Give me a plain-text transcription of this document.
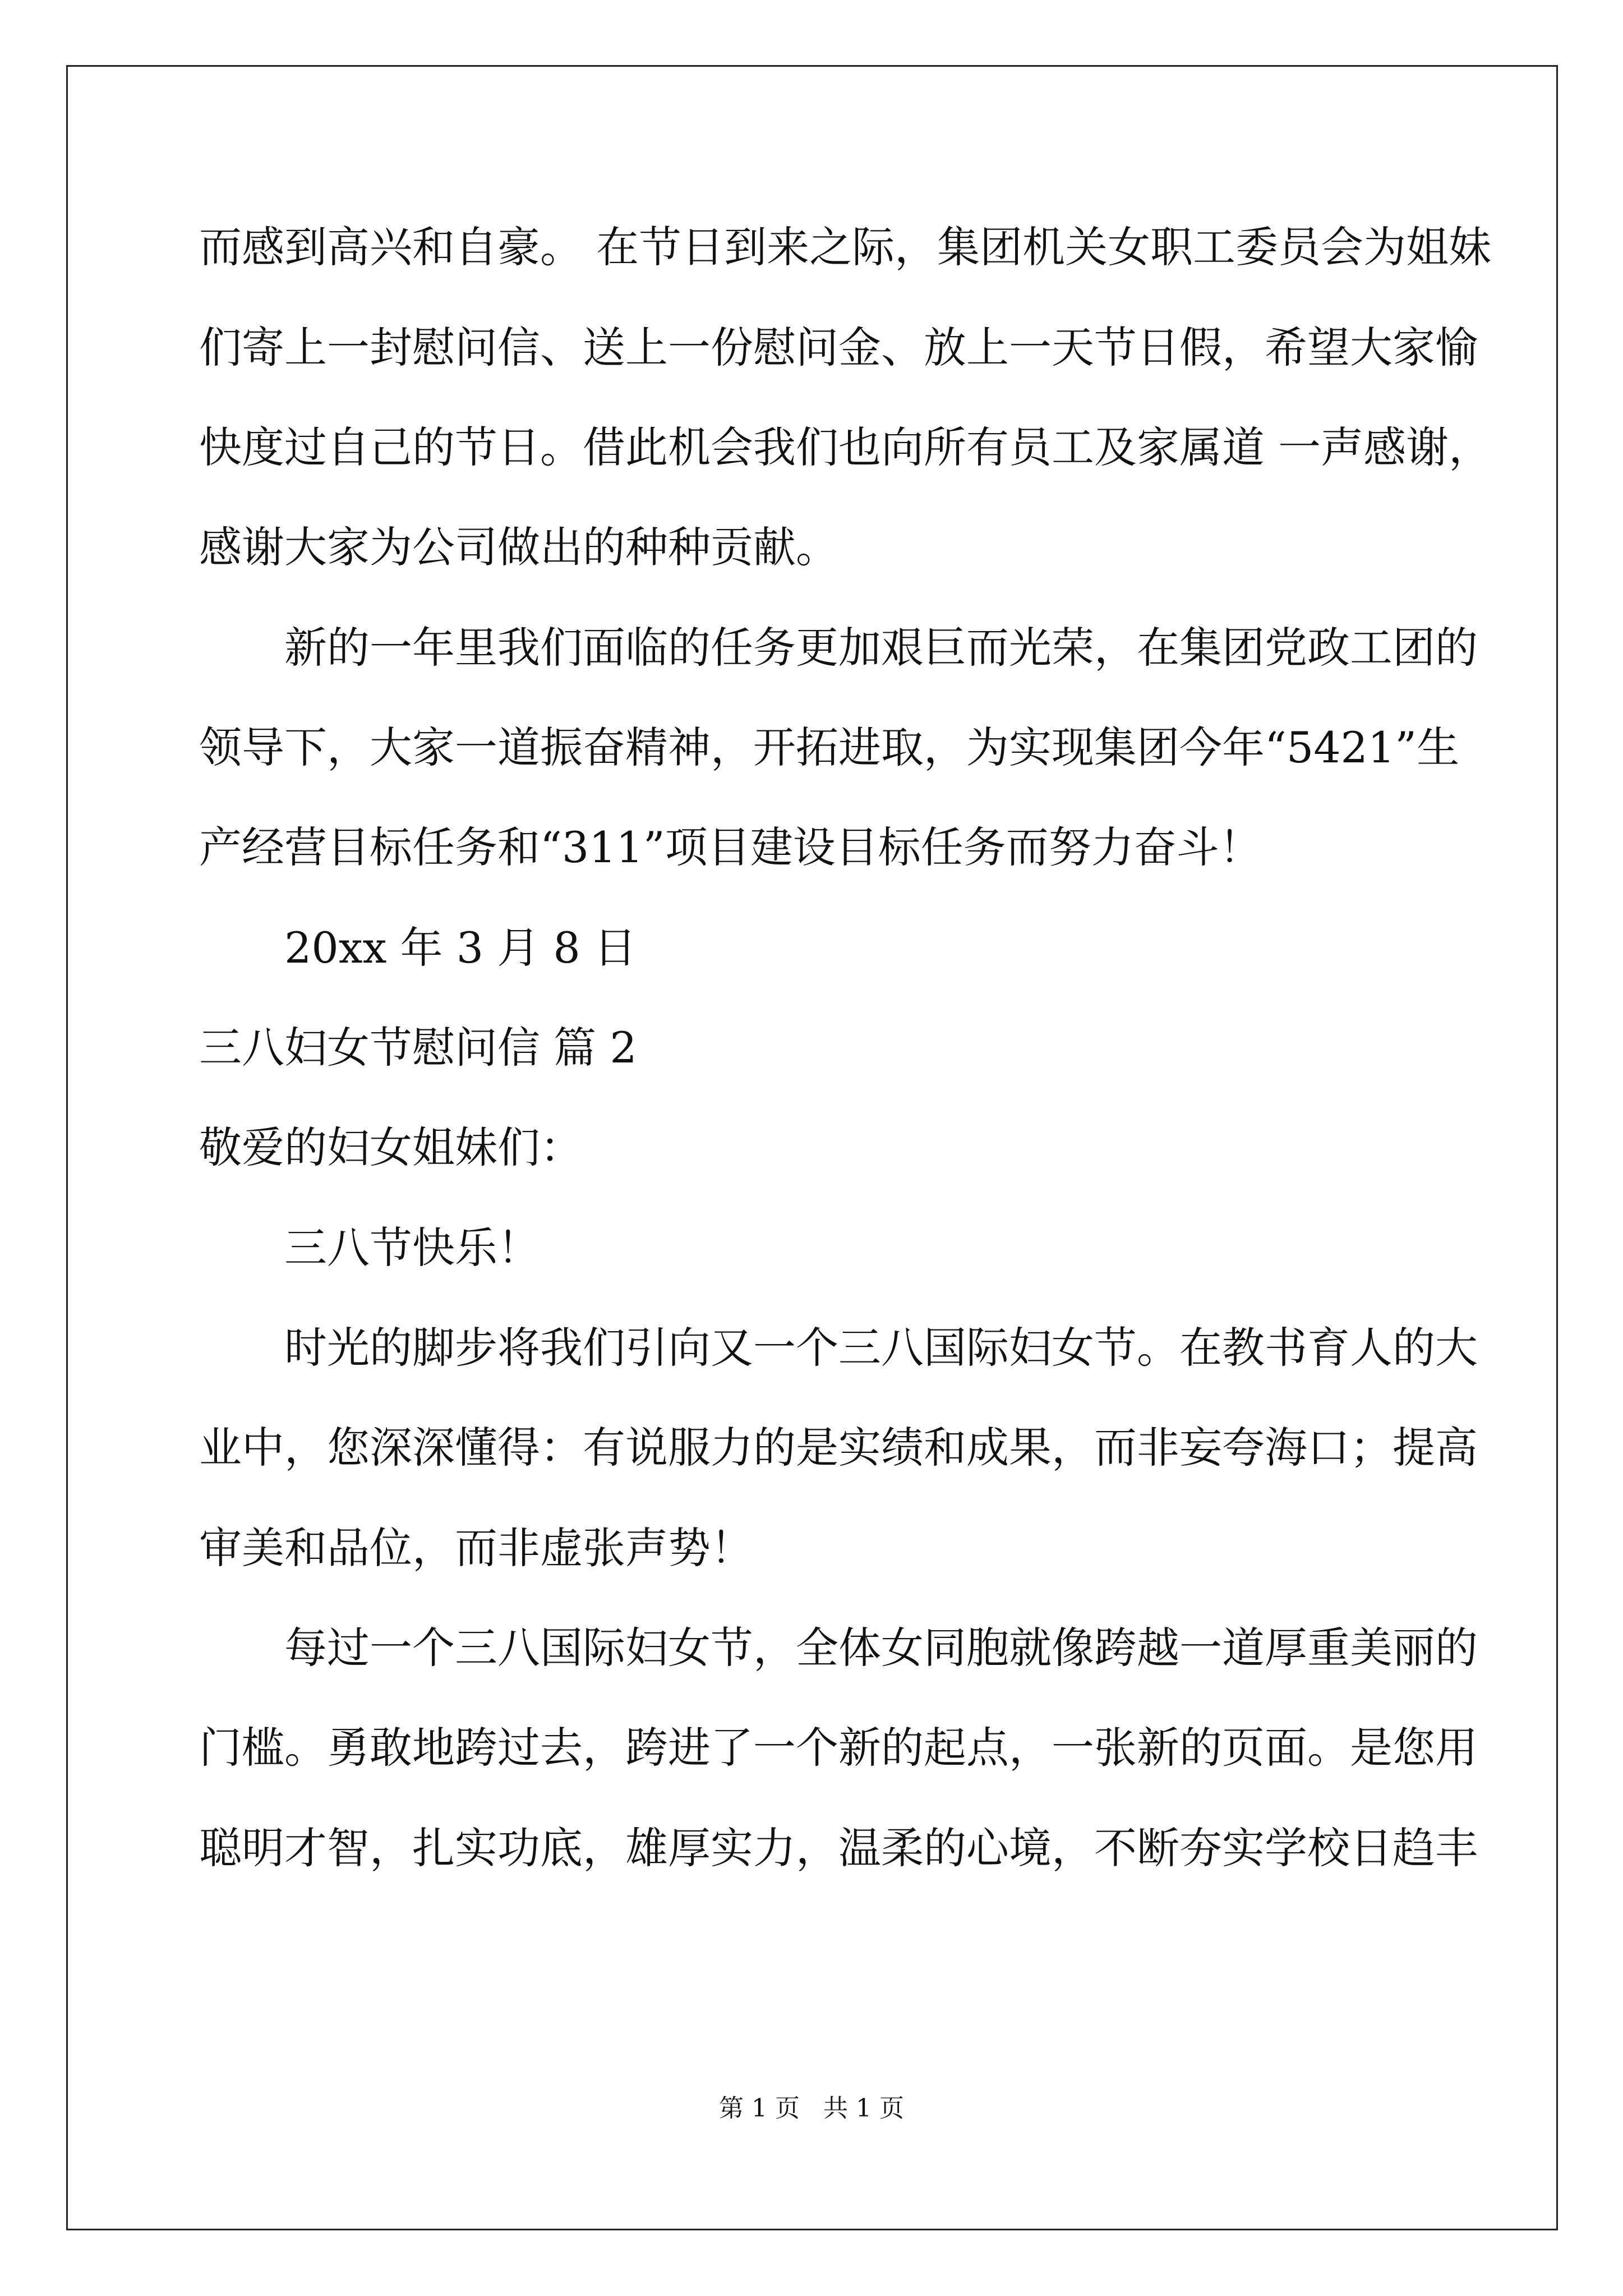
而感到高兴和自豪。 在节日到来之际，集团机关女职工委员会为姐妹
们寄上一封慰问信、送上一份慰问金、放上一天节日假，希望大家愉
快度过自己的节日。借此机会我们也向所有员工及家属道 一声感谢，
感谢大家为公司做出的种种贡献。
新的一年里我们面临的任务更加艰巨而光荣，在集团党政工团的
领导下，大家一道振奋精神，开拓进取，为实现集团今年“5421”生
产经营目标任务和“311”项目建设目标任务而努力奋斗！
20xx 年 3 月 8 日
三八妇女节慰问信 篇 2
敬爱的妇女姐妹们：
三八节快乐！
时光的脚步将我们引向又一个三八国际妇女节。在教书育人的大
业中，您深深懂得：有说服力的是实绩和成果，而非妄夸海口；提高
审美和品位，而非虚张声势！
每过一个三八国际妇女节，全体女同胞就像跨越一道厚重美丽的
门槛。勇敢地跨过去，跨进了一个新的起点，一张新的页面。是您用
聪明才智，扎实功底，雄厚实力，温柔的心境，不断夯实学校日趋丰
第 1 页   共 1 页
